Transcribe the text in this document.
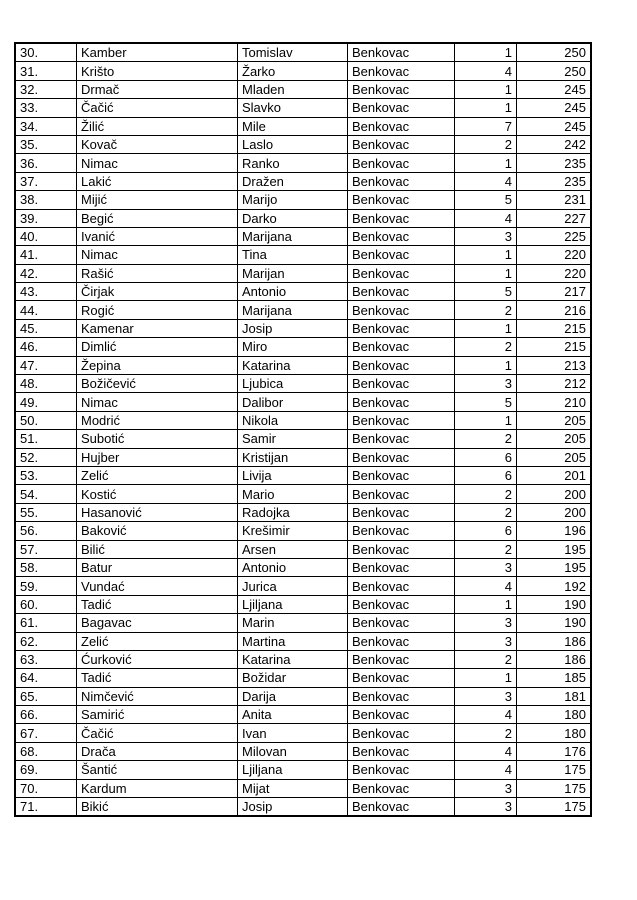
30.	Kamber	Tomislav	Benkovac	1	250
31.	Krišto	Žarko	Benkovac	4	250
32.	Drmač	Mladen	Benkovac	1	245
33.	Čačić	Slavko	Benkovac	1	245
34.	Žilić	Mile	Benkovac	7	245
35.	Kovač	Laslo	Benkovac	2	242
36.	Nimac	Ranko	Benkovac	1	235
37.	Lakić	Dražen	Benkovac	4	235
38.	Mijić	Marijo	Benkovac	5	231
39.	Begić	Darko	Benkovac	4	227
40.	Ivanić	Marijana	Benkovac	3	225
41.	Nimac	Tina	Benkovac	1	220
42.	Rašić	Marijan	Benkovac	1	220
43.	Čirjak	Antonio	Benkovac	5	217
44.	Rogić	Marijana	Benkovac	2	216
45.	Kamenar	Josip	Benkovac	1	215
46.	Dimlić	Miro	Benkovac	2	215
47.	Žepina	Katarina	Benkovac	1	213
48.	Božičević	Ljubica	Benkovac	3	212
49.	Nimac	Dalibor	Benkovac	5	210
50.	Modrić	Nikola	Benkovac	1	205
51.	Subotić	Samir	Benkovac	2	205
52.	Hujber	Kristijan	Benkovac	6	205
53.	Zelić	Livija	Benkovac	6	201
54.	Kostić	Mario	Benkovac	2	200
55.	Hasanović	Radojka	Benkovac	2	200
56.	Baković	Krešimir	Benkovac	6	196
57.	Bilić	Arsen	Benkovac	2	195
58.	Batur	Antonio	Benkovac	3	195
59.	Vundać	Jurica	Benkovac	4	192
60.	Tadić	Ljiljana	Benkovac	1	190
61.	Bagavac	Marin	Benkovac	3	190
62.	Zelić	Martina	Benkovac	3	186
63.	Ćurković	Katarina	Benkovac	2	186
64.	Tadić	Božidar	Benkovac	1	185
65.	Nimčević	Darija	Benkovac	3	181
66.	Samirić	Anita	Benkovac	4	180
67.	Čačić	Ivan	Benkovac	2	180
68.	Drača	Milovan	Benkovac	4	176
69.	Šantić	Ljiljana	Benkovac	4	175
70.	Kardum	Mijat	Benkovac	3	175
71.	Bikić	Josip	Benkovac	3	175
